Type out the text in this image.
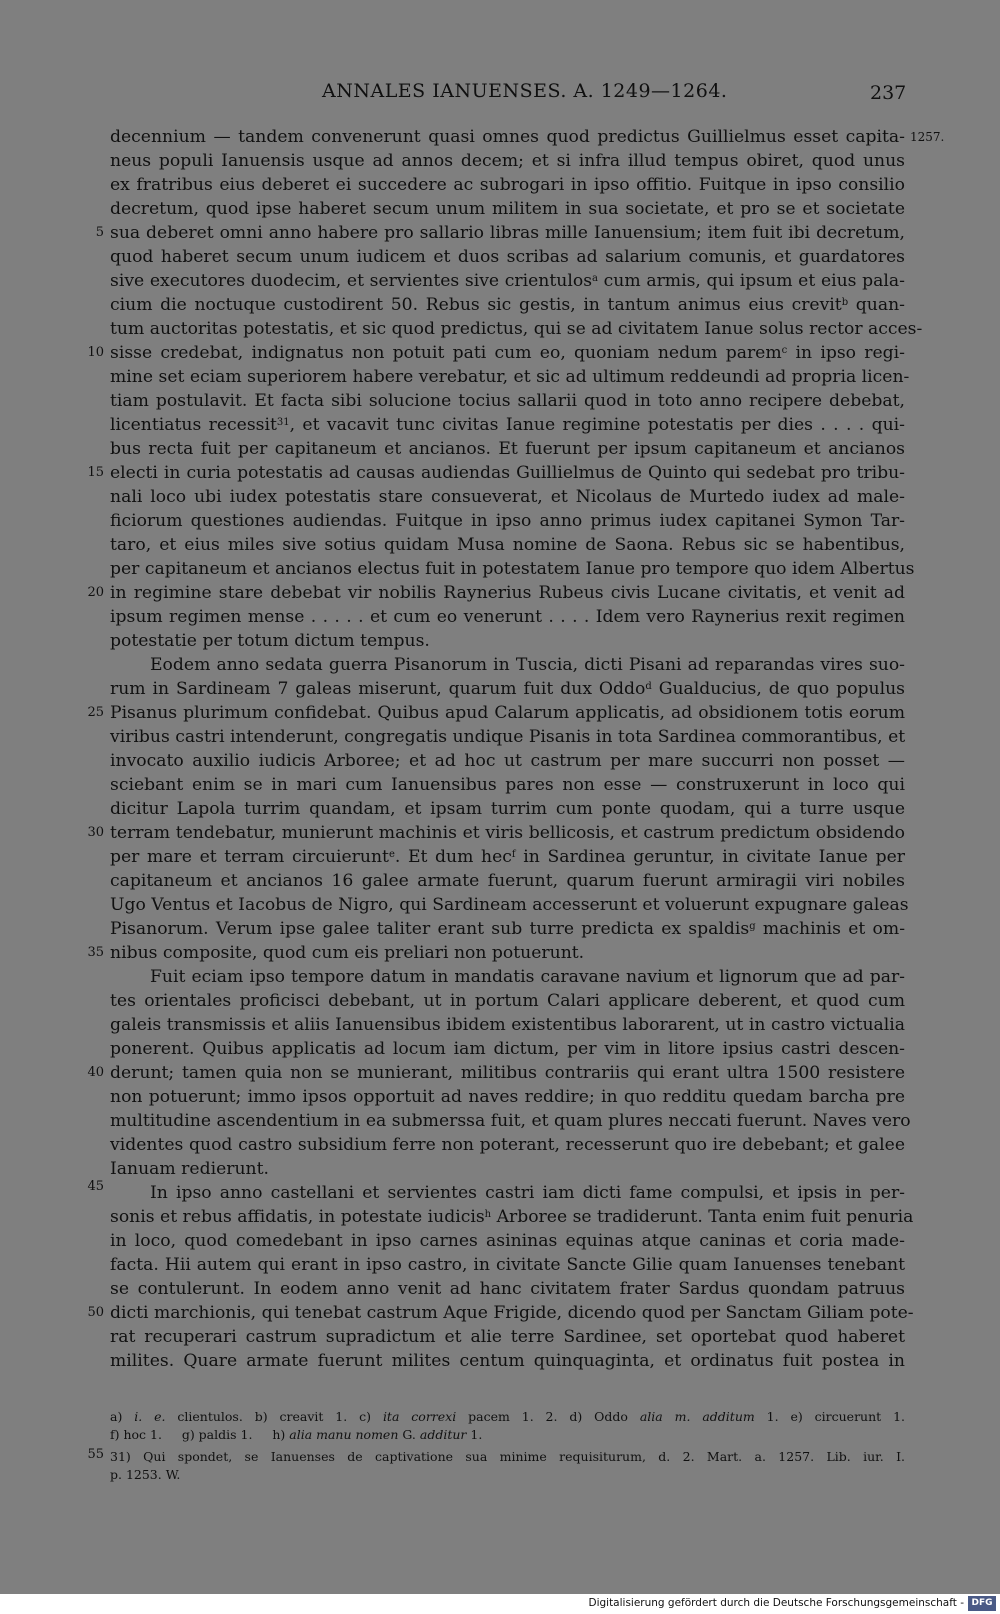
ANNALES IANUENSES. A. 1249—1264.	237
1257.
5
10
15
20
25
30
35
40
45
50
decennium — tandem convenerunt quasi omnes quod predictus Guillielmus esset capita-
neus populi Ianuensis usque ad annos decem; et si infra illud tempus obiret, quod unus
ex fratribus eius deberet ei succedere ac subrogari in ipso offitio. Fuitque in ipso consilio
decretum, quod ipse haberet secum unum militem in sua societate, et pro se et societate
sua deberet omni anno habere pro sallario libras mille Ianuensium; item fuit ibi decretum,
quod haberet secum unum iudicem et duos scribas ad salarium comunis, et guardatores
sive executores duodecim, et servientes sive crientulos$^a$ cum armis, qui ipsum et eius pala-
cium die noctuque custodirent 50. Rebus sic gestis, in tantum animus eius crevit$^b$ quan-
tum auctoritas potestatis, et sic quod predictus, qui se ad civitatem Ianue solus rector acces-
sisse credebat, indignatus non potuit pati cum eo, quoniam nedum parem$^c$ in ipso regi-
mine set eciam superiorem habere verebatur, et sic ad ultimum reddeundi ad propria licen-
tiam postulavit. Et facta sibi solucione tocius sallarii quod in toto anno recipere debebat,
licentiatus recessit$^{31}$, et vacavit tunc civitas Ianue regimine potestatis per dies . . . . qui-
bus recta fuit per capitaneum et ancianos. Et fuerunt per ipsum capitaneum et ancianos
electi in curia potestatis ad causas audiendas Guillielmus de Quinto qui sedebat pro tribu-
nali loco ubi iudex potestatis stare consueverat, et Nicolaus de Murtedo iudex ad male-
ficiorum questiones audiendas. Fuitque in ipso anno primus iudex capitanei Symon Tar-
taro, et eius miles sive sotius quidam Musa nomine de Saona. Rebus sic se habentibus,
per capitaneum et ancianos electus fuit in potestatem Ianue pro tempore quo idem Albertus
in regimine stare debebat vir nobilis Raynerius Rubeus civis Lucane civitatis, et venit ad
ipsum regimen mense . . . . . et cum eo venerunt . . . . Idem vero Raynerius rexit regimen
potestatie per totum dictum tempus.
Eodem anno sedata guerra Pisanorum in Tuscia, dicti Pisani ad reparandas vires suo-
rum in Sardineam 7 galeas miserunt, quarum fuit dux Oddo$^d$ Gualducius, de quo populus
Pisanus plurimum confidebat. Quibus apud Calarum applicatis, ad obsidionem totis eorum
viribus castri intenderunt, congregatis undique Pisanis in tota Sardinea commorantibus, et
invocato auxilio iudicis Arboree; et ad hoc ut castrum per mare succurri non posset —
sciebant enim se in mari cum Ianuensibus pares non esse — construxerunt in loco qui
dicitur Lapola turrim quandam, et ipsam turrim cum ponte quodam, qui a turre usque
terram tendebatur, munierunt machinis et viris bellicosis, et castrum predictum obsidendo
per mare et terram circuierunt$^e$. Et dum hec$^f$ in Sardinea geruntur, in civitate Ianue per
capitaneum et ancianos 16 galee armate fuerunt, quarum fuerunt armiragii viri nobiles
Ugo Ventus et Iacobus de Nigro, qui Sardineam accesserunt et voluerunt expugnare galeas
Pisanorum. Verum ipse galee taliter erant sub turre predicta ex spaldis$^g$ machinis et om-
nibus composite, quod cum eis preliari non potuerunt.
Fuit eciam ipso tempore datum in mandatis caravane navium et lignorum que ad par-
tes orientales proficisci debebant, ut in portum Calari applicare deberent, et quod cum
galeis transmissis et aliis Ianuensibus ibidem existentibus laborarent, ut in castro victualia
ponerent. Quibus applicatis ad locum iam dictum, per vim in litore ipsius castri descen-
derunt; tamen quia non se munierant, militibus contrariis qui erant ultra 1500 resistere
non potuerunt; immo ipsos opportuit ad naves reddire; in quo redditu quedam barcha pre
multitudine ascendentium in ea submerssa fuit, et quam plures neccati fuerunt. Naves vero
videntes quod castro subsidium ferre non poterant, recesserunt quo ire debebant; et galee
Ianuam redierunt.
In ipso anno castellani et servientes castri iam dicti fame compulsi, et ipsis in per-
sonis et rebus affidatis, in potestate iudicis$^h$ Arboree se tradiderunt. Tanta enim fuit penuria
in loco, quod comedebant in ipso carnes asininas equinas atque caninas et coria made-
facta. Hii autem qui erant in ipso castro, in civitate Sancte Gilie quam Ianuenses tenebant
se contulerunt. In eodem anno venit ad hanc civitatem frater Sardus quondam patruus
dicti marchionis, qui tenebat castrum Aque Frigide, dicendo quod per Sanctam Giliam pote-
rat recuperari castrum supradictum et alie terre Sardinee, set oportebat quod haberet
milites. Quare armate fuerunt milites centum quinquaginta, et ordinatus fuit postea in
a) i. e. clientulos. b) creavit 1. c) ita correxi pacem 1. 2. d) Oddo alia m. additum 1. e) circuerunt 1.
f) hoc 1. g) paldis 1. h) alia manu nomen G. additur 1.
55 31) Qui spondet, se Ianuenses de captivatione sua minime requisiturum, d. 2. Mart. a. 1257. Lib. iur. I.
p. 1253. W.
Digitalisierung gefördert durch die Deutsche Forschungsgemeinschaft - DFG
